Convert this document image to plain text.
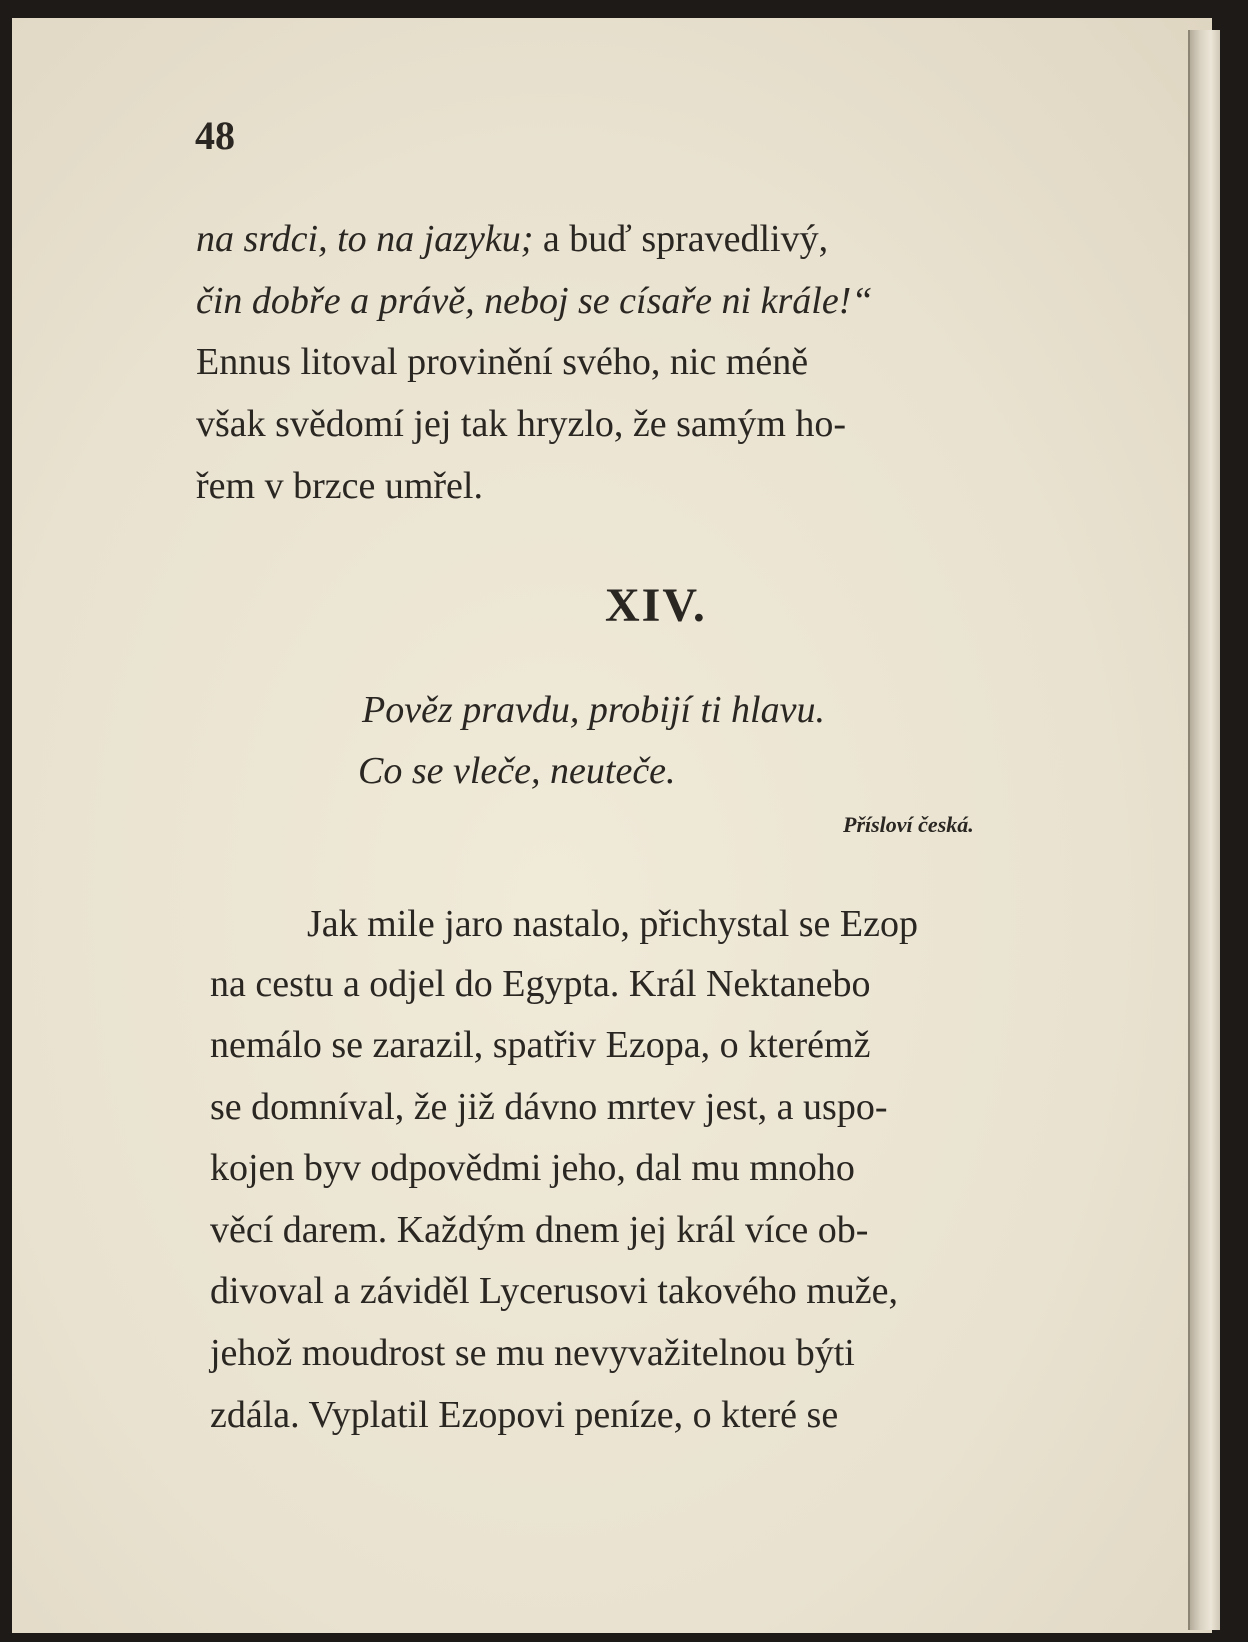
48
na srdci, to na jazyku; a buď spravedlivý,
čin dobře a právě, neboj se císaře ni krále!“
Ennus litoval provinění svého, nic méně
však svědomí jej tak hryzlo, že samým ho-
řem v brzce umřel.
XIV.
Pověz pravdu, probijí ti hlavu.
Co se vleče, neuteče.
Přísloví česká.
Jak mile jaro nastalo, přichystal se Ezop
na cestu a odjel do Egypta. Král Nektanebo
nemálo se zarazil, spatřiv Ezopa, o kterémž
se domníval, že již dávno mrtev jest, a uspo-
kojen byv odpovědmi jeho, dal mu mnoho
věcí darem. Každým dnem jej král více ob-
divoval a záviděl Lycerusovi takového muže,
jehož moudrost se mu nevyvažitelnou býti
zdála. Vyplatil Ezopovi peníze, o které se
